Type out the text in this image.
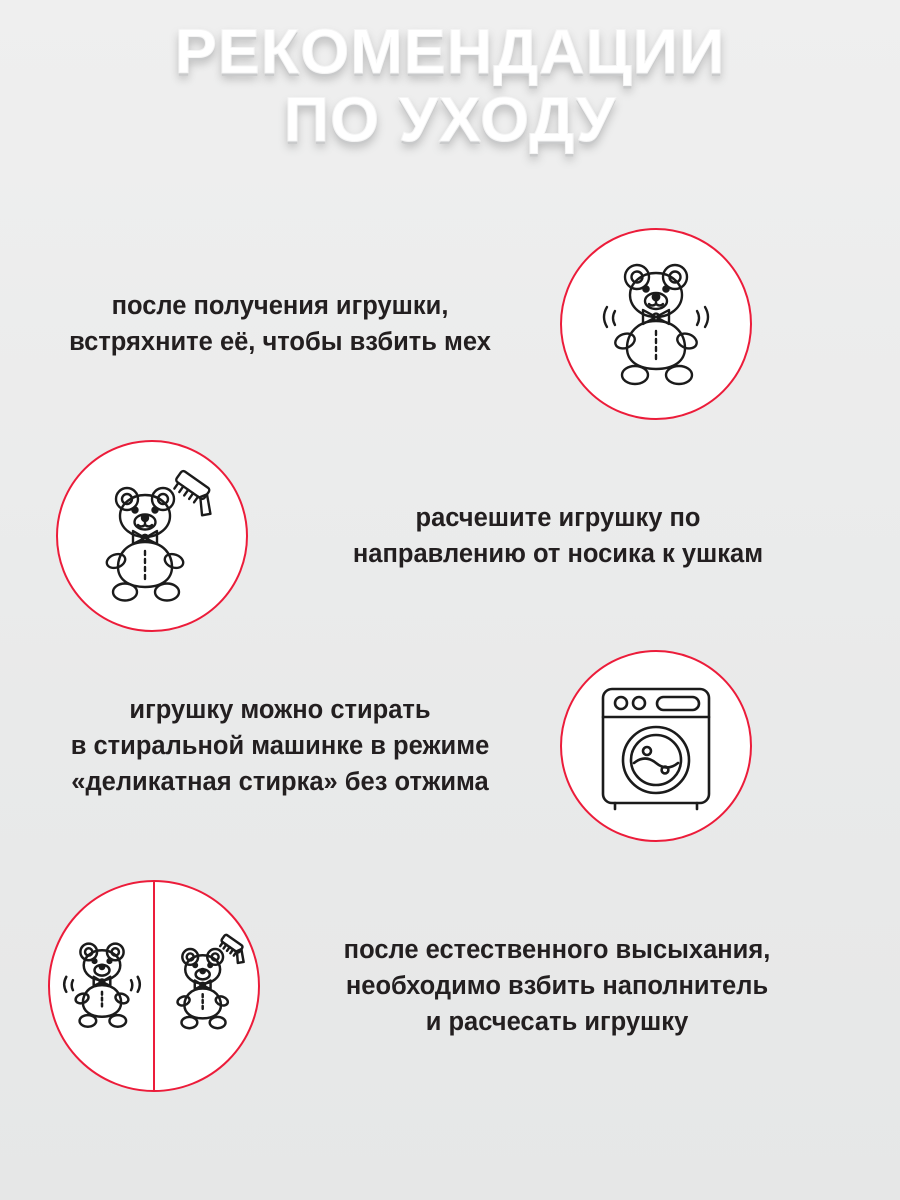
РЕКОМЕНДАЦИИ
ПО УХОДУ
после получения игрушки,
встряхните её, чтобы взбить мех
расчешите игрушку по
направлению от носика к ушкам
игрушку можно стирать
в стиральной машинке в режиме
«деликатная стирка» без отжима
после естественного высыхания,
необходимо взбить наполнитель
и расчесать игрушку
